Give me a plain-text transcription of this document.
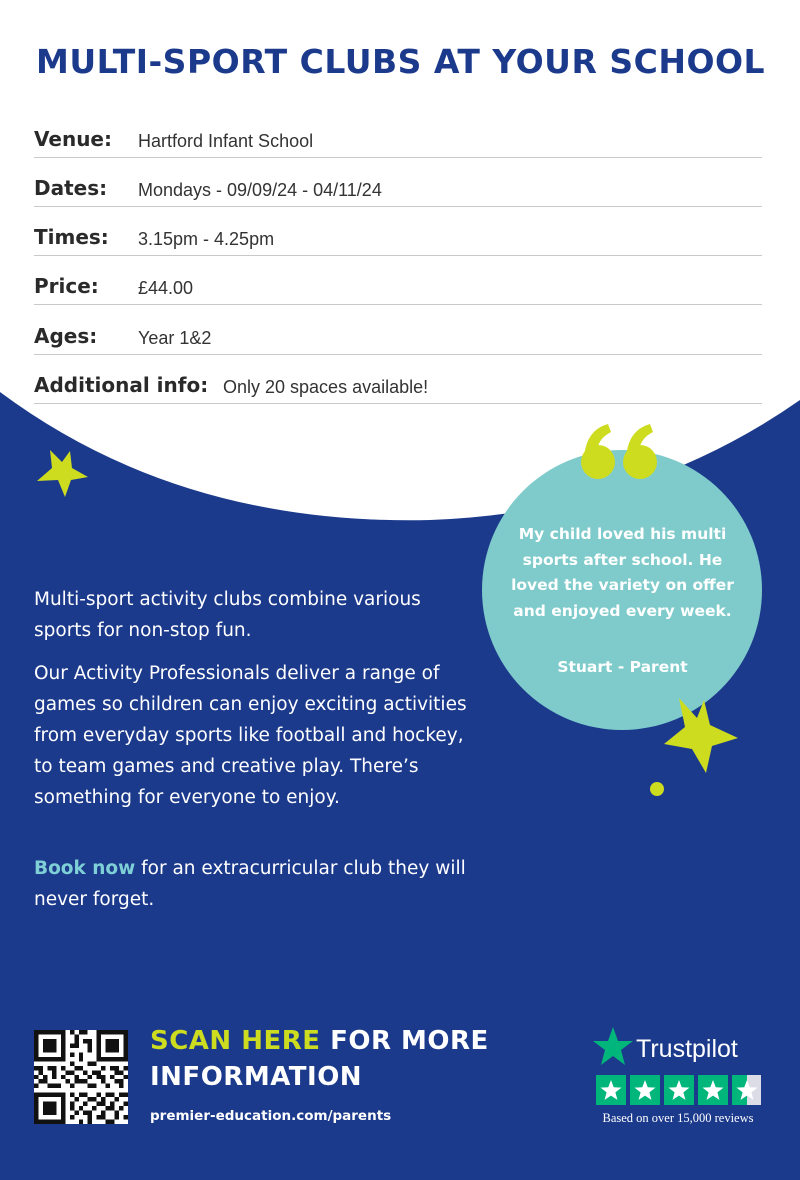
MULTI-SPORT CLUBS AT YOUR SCHOOL
Venue: Hartford Infant School
Dates: Mondays - 09/09/24 - 04/11/24
Times: 3.15pm - 4.25pm
Price: £44.00
Ages: Year 1&2
Additional info: Only 20 spaces available!

Multi-sport activity clubs combine various sports for non-stop fun.

Our Activity Professionals deliver a range of games so children can enjoy exciting activities from everyday sports like football and hockey, to team games and creative play. There’s something for everyone to enjoy.

Book now for an extracurricular club they will never forget.

My child loved his multi sports after school. He loved the variety on offer and enjoyed every week.

Stuart - Parent

SCAN HERE FOR MORE

INFORMATION

premier-education.com/parents

Trustpilot
Based on over 15,000 reviews
